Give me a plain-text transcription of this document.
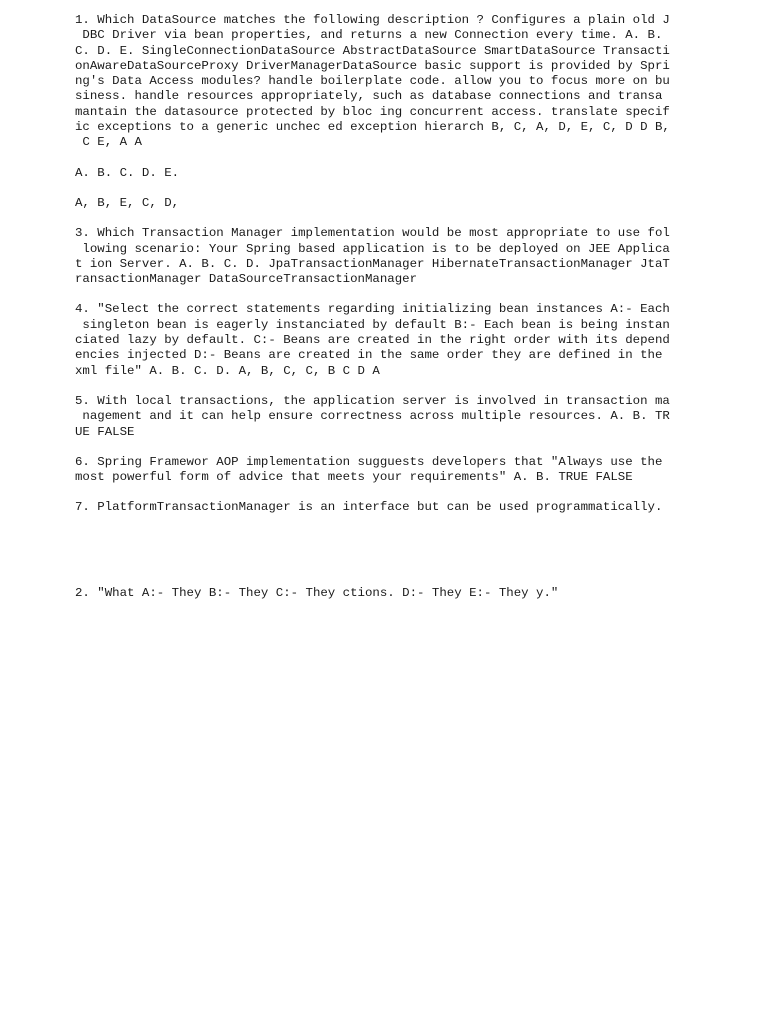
1. Which DataSource matches the following description ? Configures a plain old J
DBC Driver via bean properties, and returns a new Connection every time. A. B.
C. D. E. SingleConnectionDataSource AbstractDataSource SmartDataSource Transacti
onAwareDataSourceProxy DriverManagerDataSource basic support is provided by Spri
ng's Data Access modules? handle boilerplate code. allow you to focus more on bu
siness. handle resources appropriately, such as database connections and transa
mantain the datasource protected by bloc ing concurrent access. translate specif
ic exceptions to a generic unchec ed exception hierarch B, C, A, D, E, C, D D B,
C E, A A
A. B. C. D. E.
A, B, E, C, D,
3. Which Transaction Manager implementation would be most appropriate to use fol
lowing scenario: Your Spring based application is to be deployed on JEE Applica
t ion Server. A. B. C. D. JpaTransactionManager HibernateTransactionManager JtaT
ransactionManager DataSourceTransactionManager
4. "Select the correct statements regarding initializing bean instances A:- Each
singleton bean is eagerly instanciated by default B:- Each bean is being instan
ciated lazy by default. C:- Beans are created in the right order with its depend
encies injected D:- Beans are created in the same order they are defined in the
xml file" A. B. C. D. A, B, C, C, B C D A
5. With local transactions, the application server is involved in transaction ma
nagement and it can help ensure correctness across multiple resources. A. B. TR
UE FALSE
6. Spring Framewor AOP implementation sugguests developers that "Always use the
most powerful form of advice that meets your requirements" A. B. TRUE FALSE
7. PlatformTransactionManager is an interface but can be used programmatically.
2. "What A:- They B:- They C:- They ctions. D:- They E:- They y."
